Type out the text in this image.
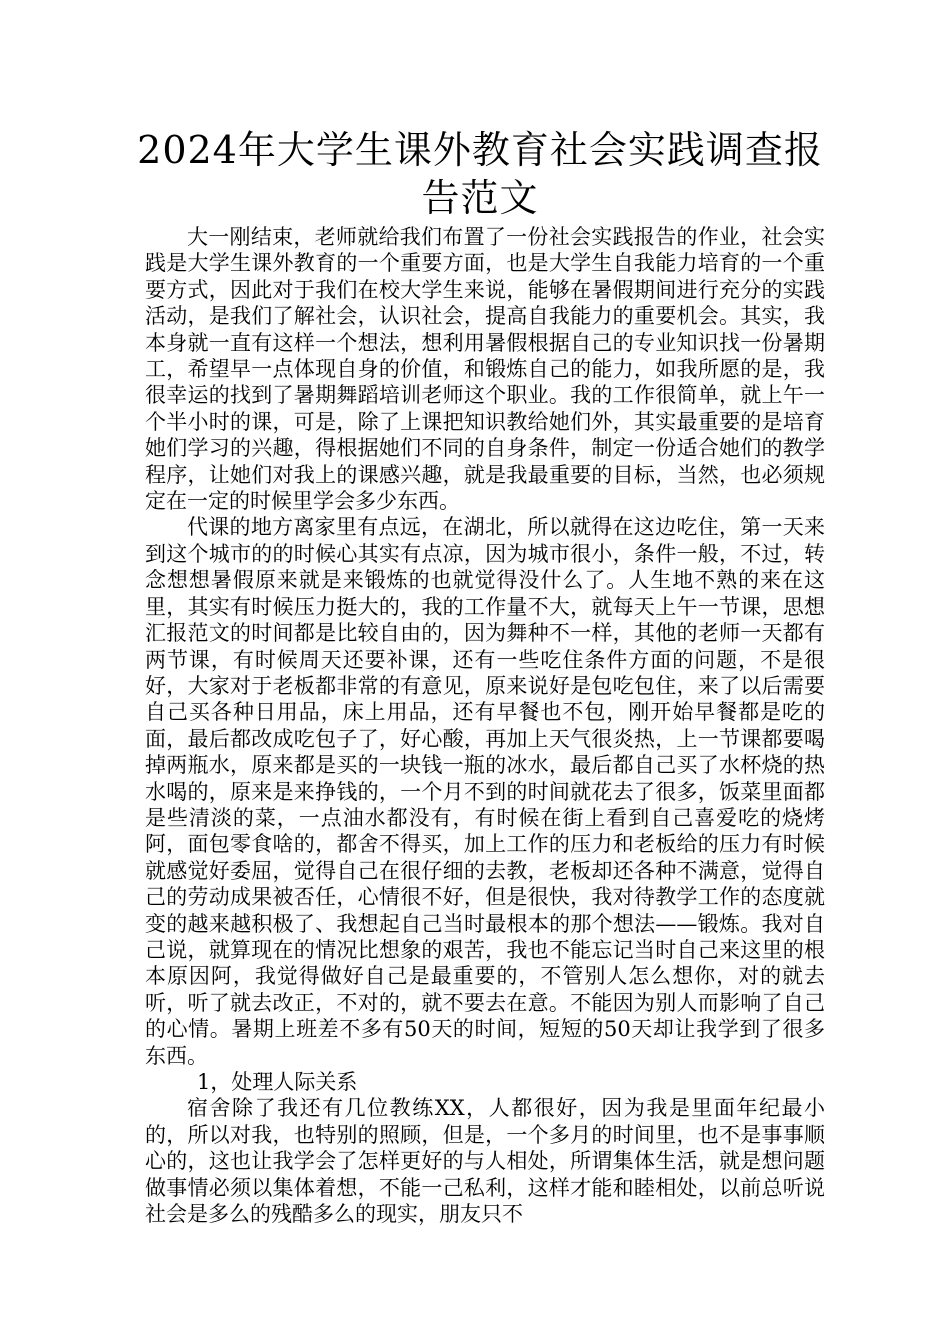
2024年大学生课外教育社会实践调查报告范文

大一刚结束，老师就给我们布置了一份社会实践报告的作业，社会实践是大学生课外教育的一个重要方面，也是大学生自我能力培育的一个重要方式，因此对于我们在校大学生来说，能够在暑假期间进行充分的实践活动，是我们了解社会，认识社会，提高自我能力的重要机会。其实，我本身就一直有这样一个想法，想利用暑假根据自己的专业知识找一份暑期工，希望早一点体现自身的价值，和锻炼自己的能力，如我所愿的是，我很幸运的找到了暑期舞蹈培训老师这个职业。我的工作很简单，就上午一个半小时的课，可是，除了上课把知识教给她们外，其实最重要的是培育她们学习的兴趣，得根据她们不同的自身条件，制定一份适合她们的教学程序，让她们对我上的课感兴趣，就是我最重要的目标，当然，也必须规定在一定的时候里学会多少东西。

代课的地方离家里有点远，在湖北，所以就得在这边吃住，第一天来到这个城市的的时候心其实有点凉，因为城市很小，条件一般，不过，转念想想暑假原来就是来锻炼的也就觉得没什么了。人生地不熟的来在这里，其实有时候压力挺大的，我的工作量不大，就每天上午一节课，思想汇报范文的时间都是比较自由的，因为舞种不一样，其他的老师一天都有两节课，有时候周天还要补课，还有一些吃住条件方面的问题，不是很好，大家对于老板都非常的有意见，原来说好是包吃包住，来了以后需要自己买各种日用品，床上用品，还有早餐也不包，刚开始早餐都是吃的面，最后都改成吃包子了，好心酸，再加上天气很炎热，上一节课都要喝掉两瓶水，原来都是买的一块钱一瓶的冰水，最后都自己买了水杯烧的热水喝的，原来是来挣钱的，一个月不到的时间就花去了很多，饭菜里面都是些清淡的菜，一点油水都没有，有时候在街上看到自己喜爱吃的烧烤阿，面包零食啥的，都舍不得买，加上工作的压力和老板给的压力有时候就感觉好委屈，觉得自己在很仔细的去教，老板却还各种不满意，觉得自己的劳动成果被否任，心情很不好，但是很快，我对待教学工作的态度就变的越来越积极了、我想起自己当时最根本的那个想法——锻炼。我对自己说，就算现在的情况比想象的艰苦，我也不能忘记当时自己来这里的根本原因阿，我觉得做好自己是最重要的，不管别人怎么想你，对的就去听，听了就去改正，不对的，就不要去在意。不能因为别人而影响了自己的心情。暑期上班差不多有50天的时间，短短的50天却让我学到了很多东西。

1，处理人际关系

宿舍除了我还有几位教练XX，人都很好，因为我是里面年纪最小的，所以对我，也特别的照顾，但是，一个多月的时间里，也不是事事顺心的，这也让我学会了怎样更好的与人相处，所谓集体生活，就是想问题做事情必须以集体着想，不能一己私利，这样才能和睦相处，以前总听说社会是多么的残酷多么的现实，朋友只不
